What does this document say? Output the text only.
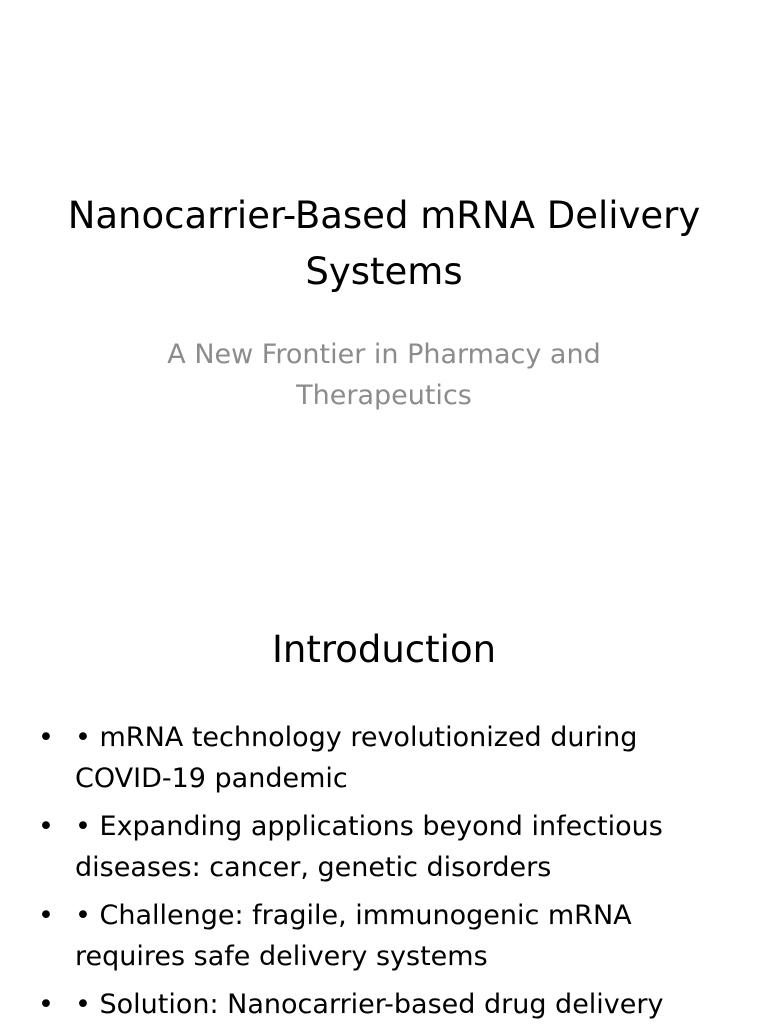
Nanocarrier-Based mRNA Delivery Systems

A New Frontier in Pharmacy and Therapeutics

Introduction
• • mRNA technology revolutionized during COVID-19 pandemic
• • Expanding applications beyond infectious diseases: cancer, genetic disorders
• • Challenge: fragile, immunogenic mRNA requires safe delivery systems
• • Solution: Nanocarrier-based drug delivery
